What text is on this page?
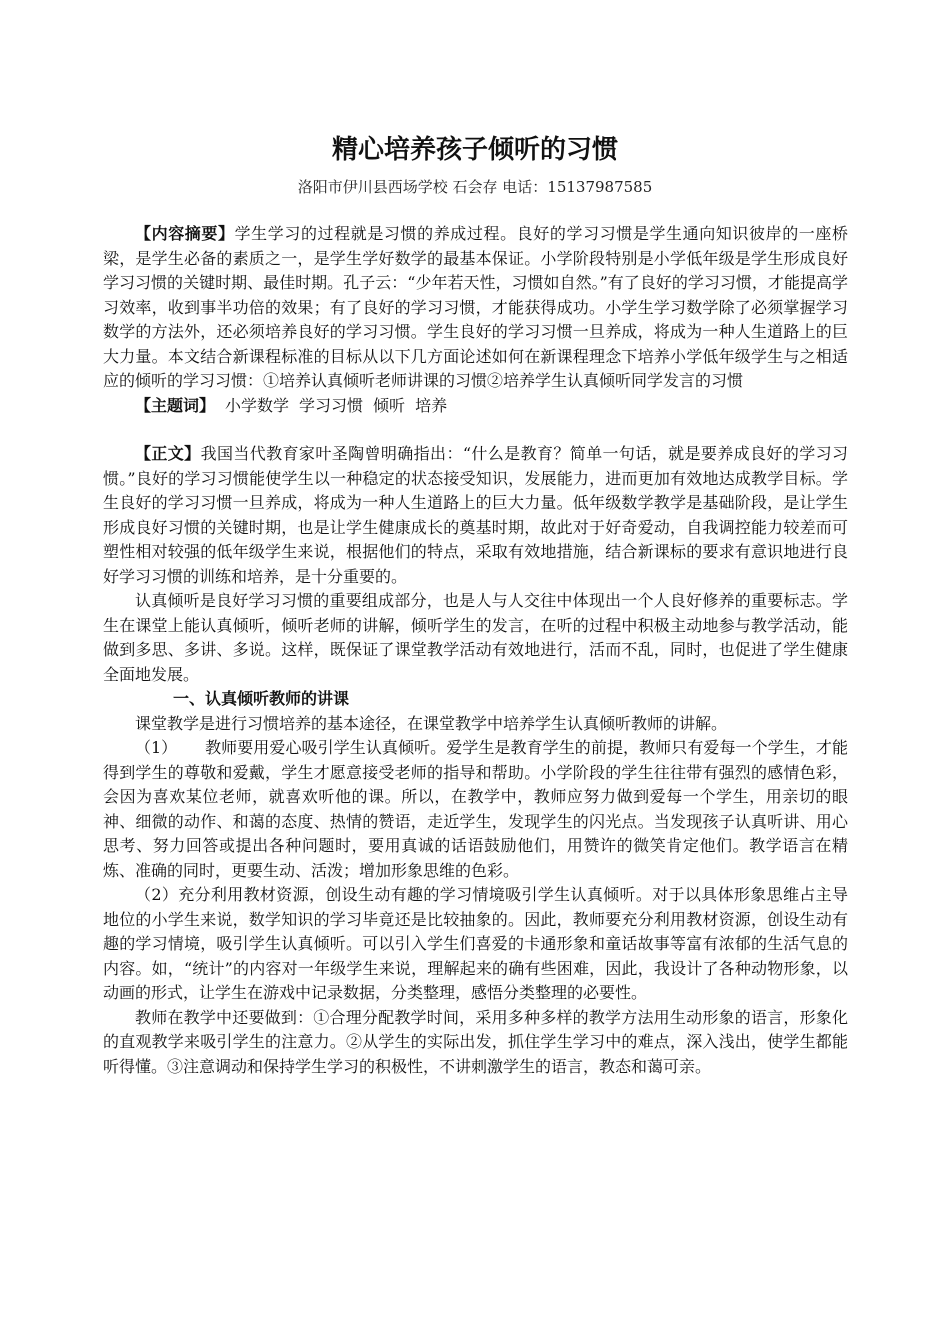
精心培养孩子倾听的习惯
洛阳市伊川县西场学校 石会存 电话：15137987585

【内容摘要】学生学习的过程就是习惯的养成过程。良好的学习习惯是学生通向知识彼岸的一座桥梁，是学生必备的素质之一，是学生学好数学的最基本保证。小学阶段特别是小学低年级是学生形成良好学习习惯的关键时期、最佳时期。孔子云：“少年若天性，习惯如自然。”有了良好的学习习惯，才能提高学习效率，收到事半功倍的效果；有了良好的学习习惯，才能获得成功。小学生学习数学除了必须掌握学习数学的方法外，还必须培养良好的学习习惯。学生良好的学习习惯一旦养成，将成为一种人生道路上的巨大力量。本文结合新课程标准的目标从以下几方面论述如何在新课程理念下培养小学低年级学生与之相适应的倾听的学习习惯：①培养认真倾听老师讲课的习惯②培养学生认真倾听同学发言的习惯

【主题词】 小学数学 学习习惯 倾听 培养

【正文】我国当代教育家叶圣陶曾明确指出：“什么是教育？简单一句话，就是要养成良好的学习习惯。”良好的学习习惯能使学生以一种稳定的状态接受知识，发展能力，进而更加有效地达成教学目标。学生良好的学习习惯一旦养成，将成为一种人生道路上的巨大力量。低年级数学教学是基础阶段，是让学生形成良好习惯的关键时期，也是让学生健康成长的奠基时期，故此对于好奇爱动，自我调控能力较差而可塑性相对较强的低年级学生来说，根据他们的特点，采取有效地措施，结合新课标的要求有意识地进行良好学习习惯的训练和培养，是十分重要的。

认真倾听是良好学习习惯的重要组成部分，也是人与人交往中体现出一个人良好修养的重要标志。学生在课堂上能认真倾听，倾听老师的讲解，倾听学生的发言，在听的过程中积极主动地参与教学活动，能做到多思、多讲、多说。这样，既保证了课堂教学活动有效地进行，活而不乱，同时，也促进了学生健康全面地发展。

一、认真倾听教师的讲课

课堂教学是进行习惯培养的基本途径，在课堂教学中培养学生认真倾听教师的讲解。

（1） 教师要用爱心吸引学生认真倾听。爱学生是教育学生的前提，教师只有爱每一个学生，才能得到学生的尊敬和爱戴，学生才愿意接受老师的指导和帮助。小学阶段的学生往往带有强烈的感情色彩，会因为喜欢某位老师，就喜欢听他的课。所以，在教学中，教师应努力做到爱每一个学生，用亲切的眼神、细微的动作、和蔼的态度、热情的赞语，走近学生，发现学生的闪光点。当发现孩子认真听讲、用心思考、努力回答或提出各种问题时，要用真诚的话语鼓励他们，用赞许的微笑肯定他们。教学语言在精炼、准确的同时，更要生动、活泼；增加形象思维的色彩。

（2）充分利用教材资源，创设生动有趣的学习情境吸引学生认真倾听。对于以具体形象思维占主导地位的小学生来说，数学知识的学习毕竟还是比较抽象的。因此，教师要充分利用教材资源，创设生动有趣的学习情境，吸引学生认真倾听。可以引入学生们喜爱的卡通形象和童话故事等富有浓郁的生活气息的内容。如，“统计”的内容对一年级学生来说，理解起来的确有些困难，因此，我设计了各种动物形象，以动画的形式，让学生在游戏中记录数据，分类整理，感悟分类整理的必要性。

教师在教学中还要做到：①合理分配教学时间，采用多种多样的教学方法用生动形象的语言，形象化的直观教学来吸引学生的注意力。②从学生的实际出发，抓住学生学习中的难点，深入浅出，使学生都能听得懂。③注意调动和保持学生学习的积极性，不讲刺激学生的语言，教态和蔼可亲。
